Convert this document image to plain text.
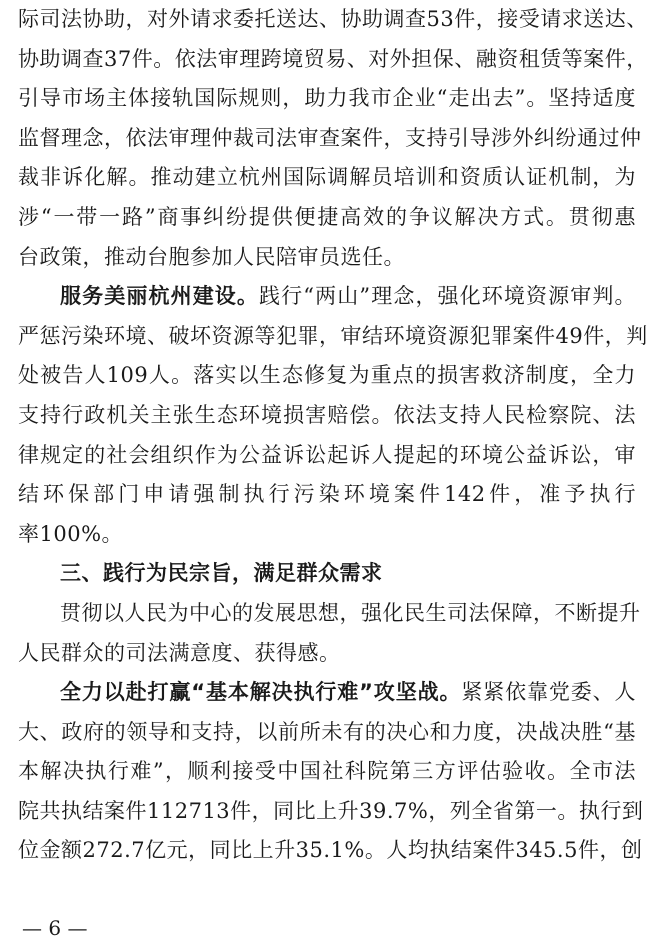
际司法协助，对外请求委托送达、协助调查53件，接受请求送达、
协助调查37件。依法审理跨境贸易、对外担保、融资租赁等案件，
引导市场主体接轨国际规则，助力我市企业“走出去”。坚持适度
监督理念，依法审理仲裁司法审查案件，支持引导涉外纠纷通过仲
裁非诉化解。推动建立杭州国际调解员培训和资质认证机制，为
涉“一带一路”商事纠纷提供便捷高效的争议解决方式。贯彻惠
台政策，推动台胞参加人民陪审员选任。
服务美丽杭州建设。践行“两山”理念，强化环境资源审判。
严惩污染环境、破坏资源等犯罪，审结环境资源犯罪案件49件，判
处被告人109人。落实以生态修复为重点的损害救济制度，全力
支持行政机关主张生态环境损害赔偿。依法支持人民检察院、法
律规定的社会组织作为公益诉讼起诉人提起的环境公益诉讼，审
结环保部门申请强制执行污染环境案件142件，准予执行
率100%。
三、践行为民宗旨，满足群众需求
贯彻以人民为中心的发展思想，强化民生司法保障，不断提升
人民群众的司法满意度、获得感。
全力以赴打赢“基本解决执行难”攻坚战。紧紧依靠党委、人
大、政府的领导和支持，以前所未有的决心和力度，决战决胜“基
本解决执行难”，顺利接受中国社科院第三方评估验收。全市法
院共执结案件112713件，同比上升39.7%，列全省第一。执行到
位金额272.7亿元，同比上升35.1%。人均执结案件345.5件，创
— 6 —
